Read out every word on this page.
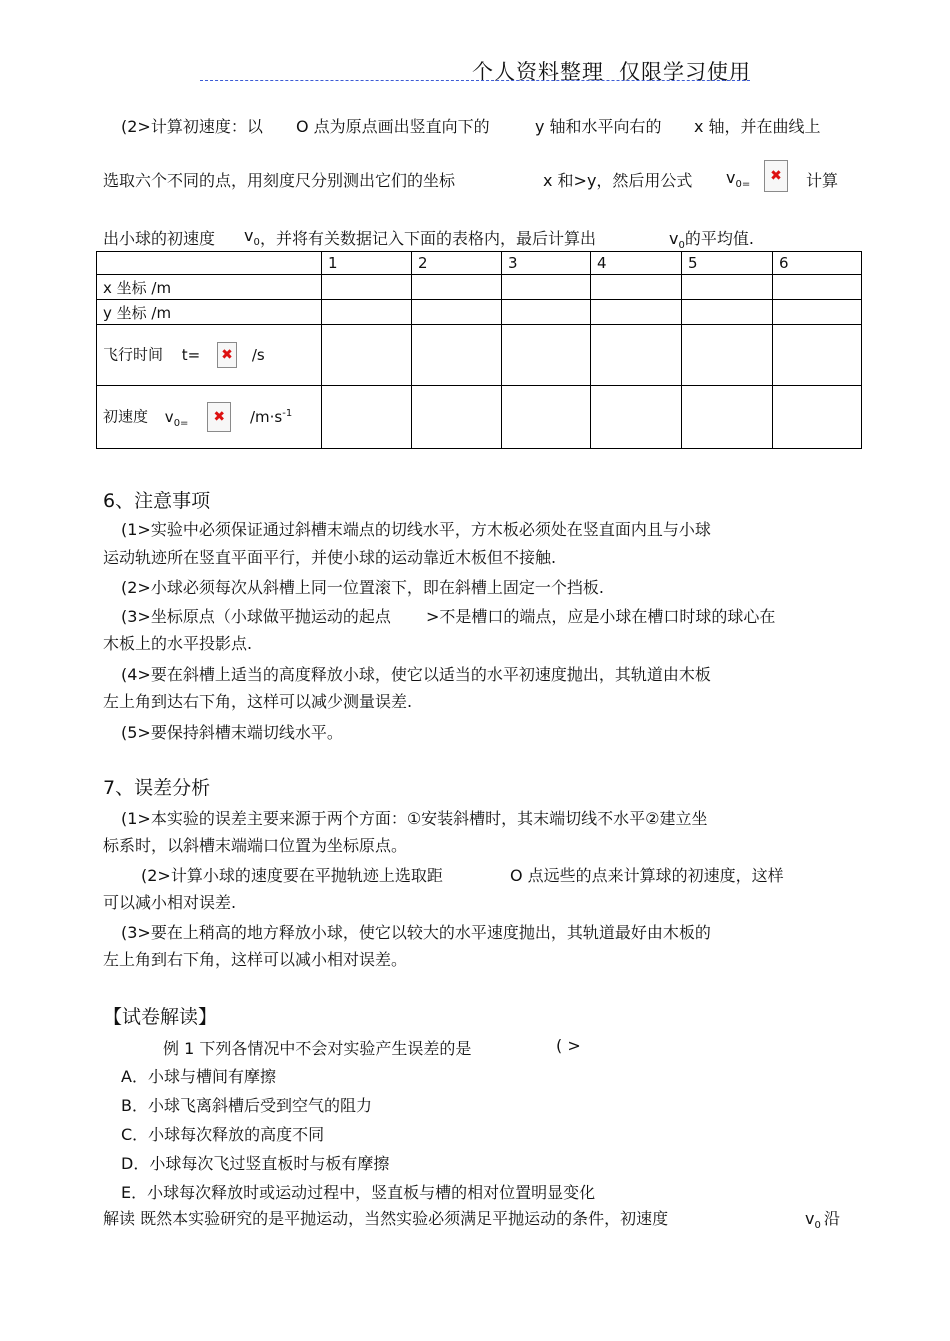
个人资料整理 仅限学习使用
(2>计算初速度：以 O 点为原点画出竖直向下的	y 轴和水平向右的 x 轴，并在曲线上
选取六个不同的点，用刻度尺分别测出它们的坐标	x 和>y，然后用公式 $v_{0=}$
✖	计算
出小球的初速度 $v_0$ ，并将有关数据记入下面的表格内，最后计算出	$v_0$的平均值.
	1	2	3	4	5	6
x 坐标 /m						
y 坐标 /m						
飞行时间 t= ✖ /s						
初速度 $v_{0=}$ ✖ $/m\cdot s^{-1}$						
6、注意事项
(1>实验中必须保证通过斜槽末端点的切线水平，方木板必须处在竖直面内且与小球
运动轨迹所在竖直平面平行，并使小球的运动靠近木板但不接触.
(2>小球必须每次从斜槽上同一位置滚下，即在斜槽上固定一个挡板.
(3>坐标原点（小球做平抛运动的起点 >不是槽口的端点，应是小球在槽口时球的球心在
木板上的水平投影点.
(4>要在斜槽上适当的高度释放小球，使它以适当的水平初速度抛出，其轨道由木板
左上角到达右下角，这样可以减少测量误差.
(5>要保持斜槽末端切线水平。
7、误差分析
(1>本实验的误差主要来源于两个方面：①安装斜槽时，其末端切线不水平②建立坐
标系时，以斜槽末端端口位置为坐标原点。
(2>计算小球的速度要在平抛轨迹上选取距	O 点远些的点来计算球的初速度，这样
可以减小相对误差.
(3>要在上稍高的地方释放小球，使它以较大的水平速度抛出，其轨道最好由木板的
左上角到右下角，这样可以减小相对误差。
【试卷解读】
例 1 下列各情况中不会对实验产生误差的是	( >
A．小球与槽间有摩擦
B．小球飞离斜槽后受到空气的阻力
C．小球每次释放的高度不同
D．小球每次飞过竖直板时与板有摩擦
E．小球每次释放时或运动过程中，竖直板与槽的相对位置明显变化
解读 既然本实验研究的是平抛运动，当然实验必须满足平抛运动的条件，初速度	$v_0$ 沿
